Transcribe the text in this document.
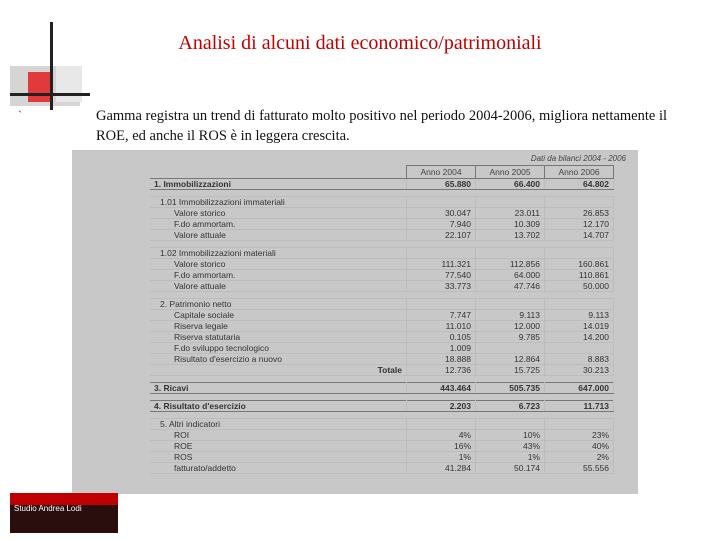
`
Analisi di alcuni dati economico/patrimoniali
Gamma registra un trend di fatturato molto positivo nel periodo 2004-2006, migliora nettamente il ROE, ed anche il ROS è in leggera crescita.
Dati da bilanci 2004 - 2006
	Anno 2004	Anno 2005	Anno 2006
1. Immobilizzazioni	65.880	66.400	64.802

1.01 Immobilizzazioni immateriali			
Valore storico	30.047	23.011	26.853
F.do ammortam.	7.940	10.309	12.170
Valore attuale	22.107	13.702	14.707

1.02 Immobilizzazioni materiali			
Valore storico	111.321	112.856	160.861
F.do ammortam.	77.540	64.000	110.861
Valore attuale	33.773	47.746	50.000

2. Patrimonio netto			
Capitale sociale	7.747	9.113	9.113
Riserva legale	11.010	12.000	14.019
Riserva statutaria	0.105	9.785	14.200
F.do sviluppo tecnologico	1.009		
Risultato d'esercizio a nuovo	18.888	12.864	8.883
Totale	12.736	15.725	30.213

3. Ricavi	443.464	505.735	647.000

4. Risultato d'esercizio	2.203	6.723	11.713

5. Altri indicatori			
ROI	4%	10%	23%
ROE	16%	43%	40%
ROS	1%	1%	2%
fatturato/addetto	41.284	50.174	55.556
Studio Andrea Lodi
